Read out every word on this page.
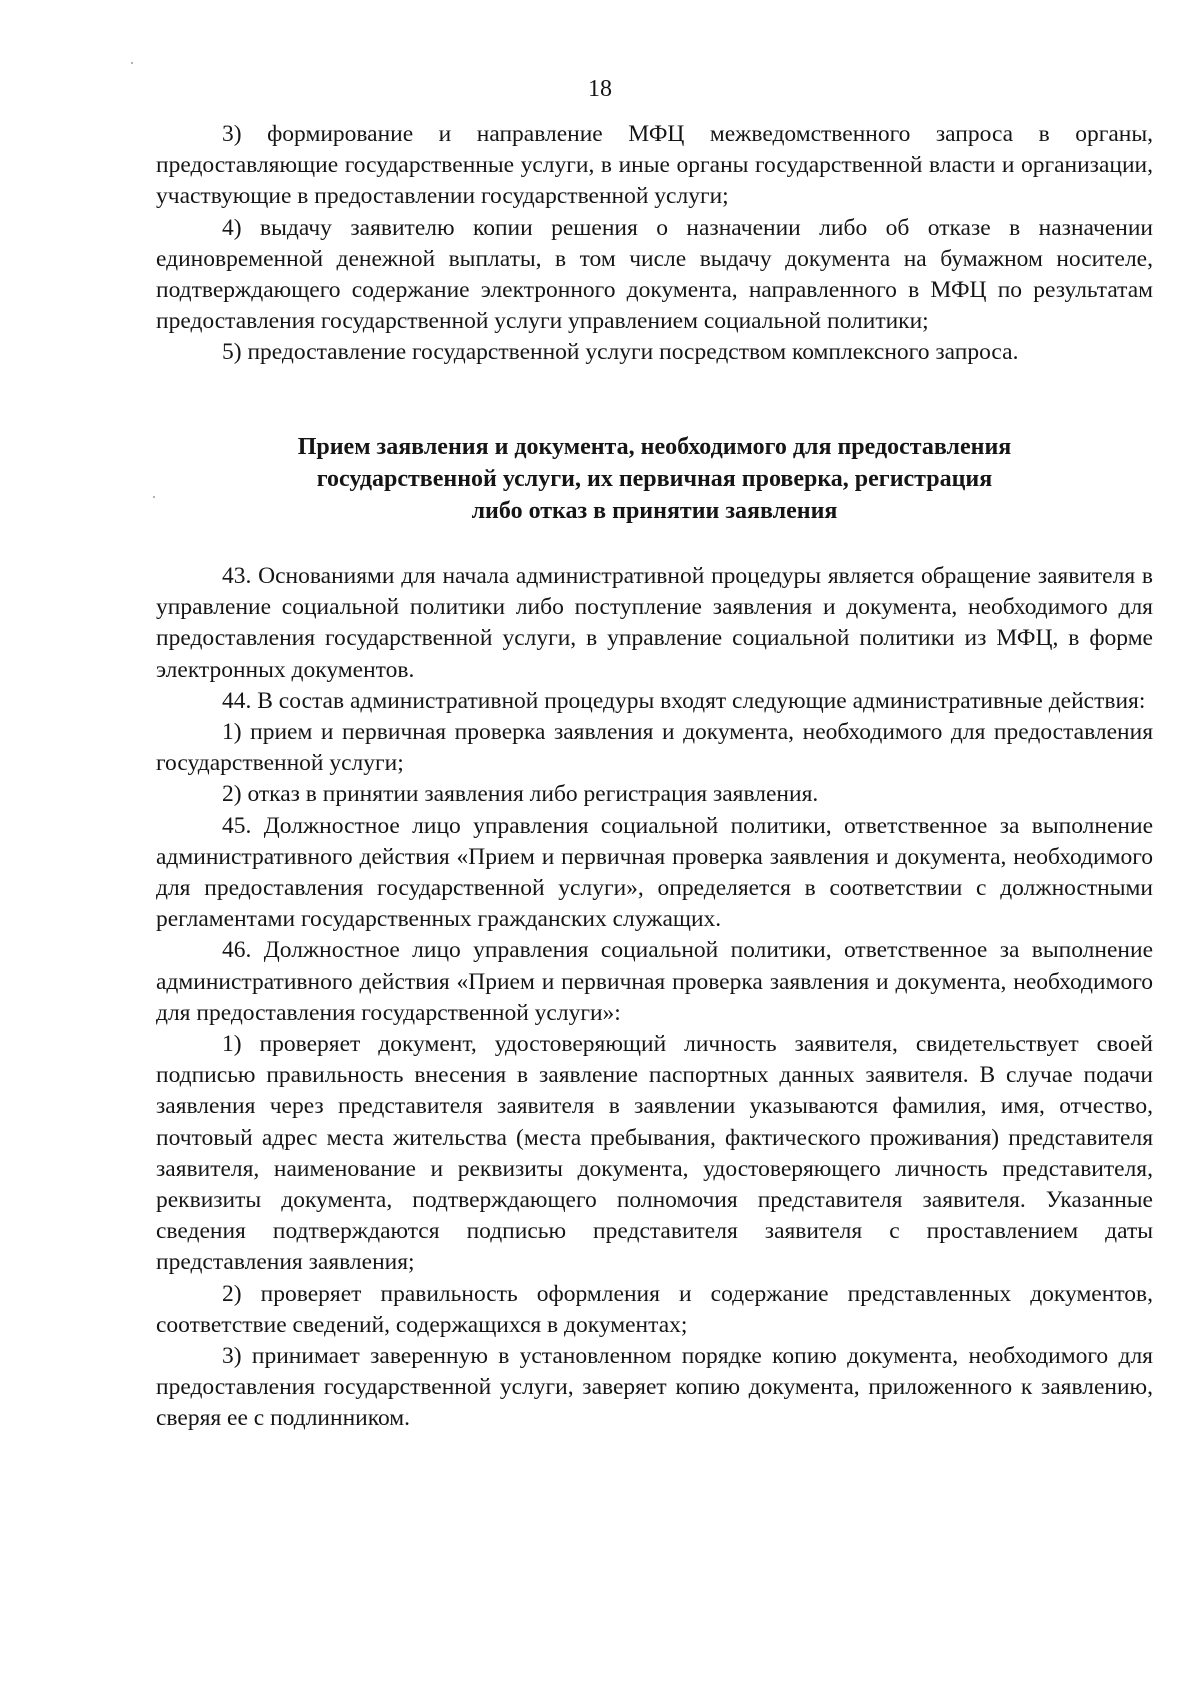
18

3) формирование и направление МФЦ межведомственного запроса в органы, предоставляющие государственные услуги, в иные органы государственной власти и организации, участвующие в предоставлении государственной услуги;

4) выдачу заявителю копии решения о назначении либо об отказе в назначении единовременной денежной выплаты, в том числе выдачу документа на бумажном носителе, подтверждающего содержание электронного документа, направленного в МФЦ по результатам предоставления государственной услуги управлением социальной политики;

5) предоставление государственной услуги посредством комплексного запроса.

Прием заявления и документа, необходимого для предоставления
государственной услуги, их первичная проверка, регистрация
либо отказ в принятии заявления

43. Основаниями для начала административной процедуры является обращение заявителя в управление социальной политики либо поступление заявления и документа, необходимого для предоставления государственной услуги, в управление социальной политики из МФЦ, в форме электронных документов.

44. В состав административной процедуры входят следующие административные действия:

1) прием и первичная проверка заявления и документа, необходимого для предоставления государственной услуги;

2) отказ в принятии заявления либо регистрация заявления.

45. Должностное лицо управления социальной политики, ответственное за выполнение административного действия «Прием и первичная проверка заявления и документа, необходимого для предоставления государственной услуги», определяется в соответствии с должностными регламентами государственных гражданских служащих.

46. Должностное лицо управления социальной политики, ответственное за выполнение административного действия «Прием и первичная проверка заявления и документа, необходимого для предоставления государственной услуги»:

1) проверяет документ, удостоверяющий личность заявителя, свидетельствует своей подписью правильность внесения в заявление паспортных данных заявителя. В случае подачи заявления через представителя заявителя в заявлении указываются фамилия, имя, отчество, почтовый адрес места жительства (места пребывания, фактического проживания) представителя заявителя, наименование и реквизиты документа, удостоверяющего личность представителя, реквизиты документа, подтверждающего полномочия представителя заявителя. Указанные сведения подтверждаются подписью представителя заявителя с проставлением даты представления заявления;

2) проверяет правильность оформления и содержание представленных документов, соответствие сведений, содержащихся в документах;

3) принимает заверенную в установленном порядке копию документа, необходимого для предоставления государственной услуги, заверяет копию документа, приложенного к заявлению, сверяя ее с подлинником.
